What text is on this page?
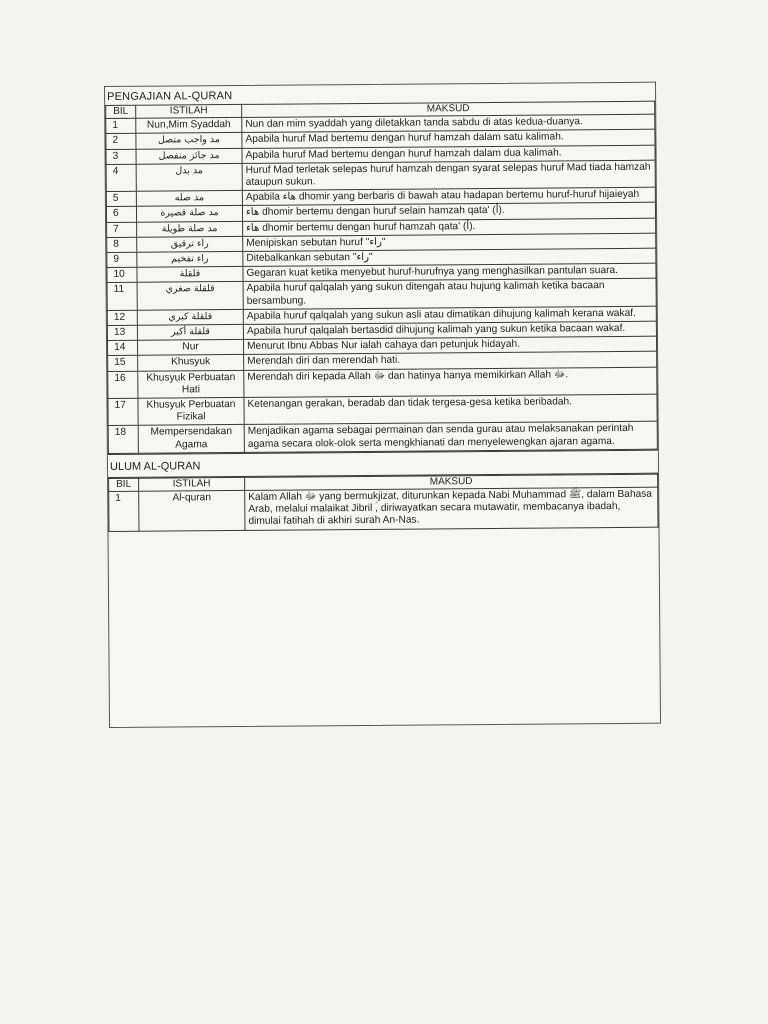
PENGAJIAN AL-QURAN
BIL	ISTILAH	MAKSUD
1	Nun,Mim Syaddah	Nun dan mim syaddah yang diletakkan tanda sabdu di atas kedua-duanya.
2	مد واجب متصل	Apabila huruf Mad bertemu dengan huruf hamzah dalam satu kalimah.
3	مد جائز منفصل	Apabila huruf Mad bertemu dengan huruf hamzah dalam dua kalimah.
4	مد بدل	Huruf Mad terletak selepas huruf hamzah dengan syarat selepas huruf Mad tiada hamzah ataupun sukun.
5	مد صله	Apabila هاء dhomir yang berbaris di bawah atau hadapan bertemu huruf-huruf hijaieyah
6	مد صلة قصيرة	هاء dhomir bertemu dengan huruf selain hamzah qata' (أ).
7	مد صلة طويلة	هاء dhomir bertemu dengan huruf hamzah qata' (أ).
8	راء ترقيق	Menipiskan sebutan huruf "راء"
9	راء تفخيم	Ditebalkankan sebutan "راء"
10	قلقلة	Gegaran kuat ketika menyebut huruf-hurufnya yang menghasilkan pantulan suara.
11	قلقلة صغري	Apabila huruf qalqalah yang sukun ditengah atau hujung kalimah ketika bacaan bersambung.
12	قلقلة كبري	Apabila huruf qalqalah yang sukun asli atau dimatikan dihujung kalimah kerana wakaf.
13	قلقلة أكبر	Apabila huruf qalqalah bertasdid dihujung kalimah yang sukun ketika bacaan wakaf.
14	Nur	Menurut Ibnu Abbas Nur ialah cahaya dan petunjuk hidayah.
15	Khusyuk	Merendah diri dan merendah hati.
16	Khusyuk Perbuatan Hati	Merendah diri kepada Allah ﷻ dan hatinya hanya memikirkan Allah ﷻ.
17	Khusyuk Perbuatan Fizikal	Ketenangan gerakan, beradab dan tidak tergesa-gesa ketika beribadah.
18	Mempersendakan Agama	Menjadikan agama sebagai permainan dan senda gurau atau melaksanakan perintah agama secara olok-olok serta mengkhianati dan menyelewengkan ajaran agama.
ULUM AL-QURAN
BIL	ISTILAH	MAKSUD
1	Al-quran	Kalam Allah ﷻ yang bermukjizat, diturunkan kepada Nabi Muhammad ﷺ, dalam Bahasa Arab, melalui malaikat Jibril ؑ, diriwayatkan secara mutawatir, membacanya ibadah, dimulai fatihah di akhiri surah An-Nas.
